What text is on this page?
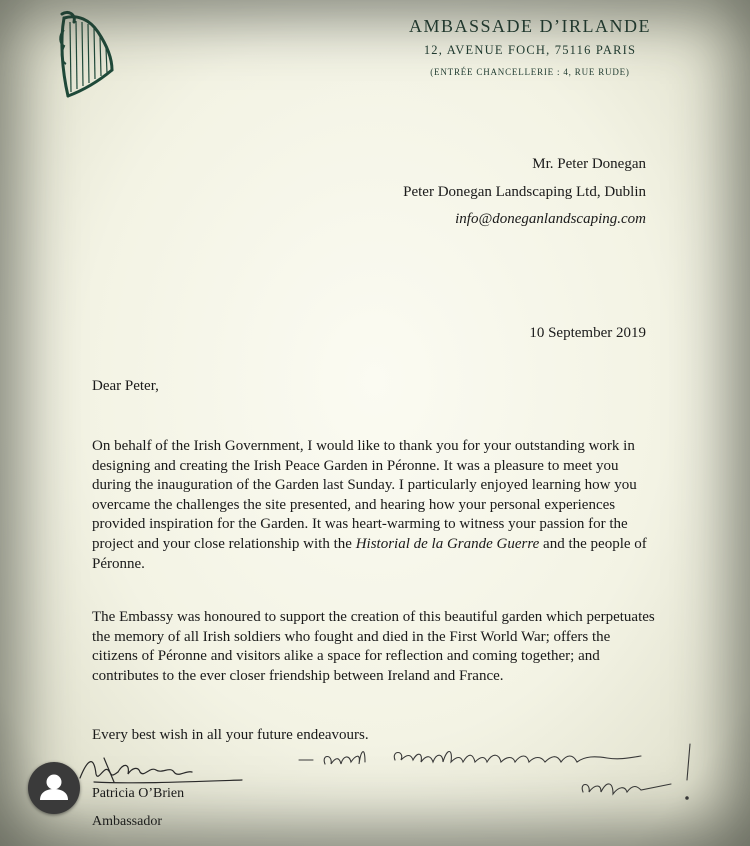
AMBASSADE D’IRLANDE
12, AVENUE FOCH, 75116 PARIS
(ENTRÉE CHANCELLERIE : 4, RUE RUDE)
Mr. Peter Donegan
Peter Donegan Landscaping Ltd, Dublin
info@doneganlandscaping.com
10 September 2019
Dear Peter,
On behalf of the Irish Government, I would like to thank you for your outstanding work in
designing and creating the Irish Peace Garden in Péronne. It was a pleasure to meet you
during the inauguration of the Garden last Sunday. I particularly enjoyed learning how you
overcame the challenges the site presented, and hearing how your personal experiences
provided inspiration for the Garden. It was heart-warming to witness your passion for the
project and your close relationship with the Historial de la Grande Guerre and the people of
Péronne.
The Embassy was honoured to support the creation of this beautiful garden which perpetuates
the memory of all Irish soldiers who fought and died in the First World War; offers the
citizens of Péronne and visitors alike a space for reflection and coming together; and
contributes to the ever closer friendship between Ireland and France.
Every best wish in all your future endeavours.
Patricia O’Brien
Ambassador
